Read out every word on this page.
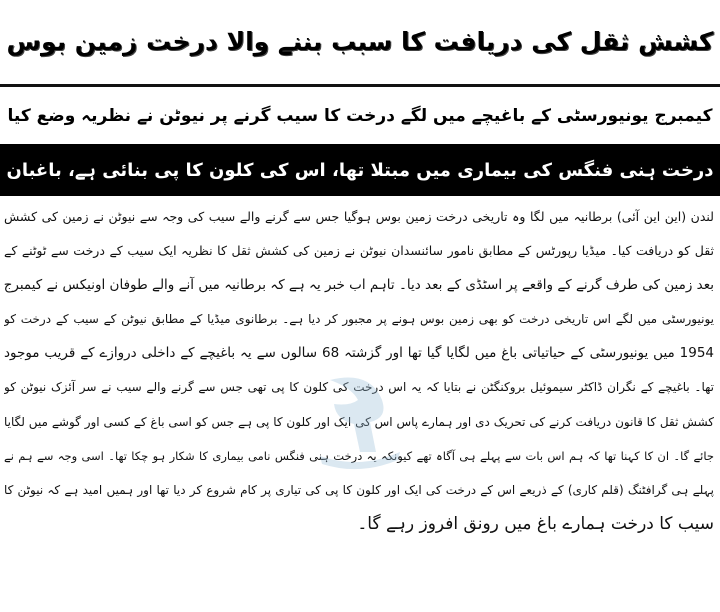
کشش ثقل کی دریافت کا سبب بننے والا درخت زمین بوس
کیمبرج یونیورسٹی کے باغیچے میں لگے درخت کا سیب گرنے پر نیوٹن نے نظریہ وضع کیا
درخت ہنی فنگس کی بیماری میں مبتلا تھا، اس کی کلون کا پی بنائی ہے، باغبان
لندن (این این آئی) برطانیہ میں لگا وہ تاریخی درخت زمین بوس ہوگیا جس سے گرنے والے سیب کی وجہ سے نیوٹن نے زمین کی کشش
ثقل کو دریافت کیا۔ میڈیا رپورٹس کے مطابق نامور سائنسدان نیوٹن نے زمین کی کشش ثقل کا نظریہ ایک سیب کے درخت سے ٹوٹنے کے
بعد زمین کی طرف گرنے کے واقعے پر اسٹڈی کے بعد دیا۔ تاہم اب خبر یہ ہے کہ برطانیہ میں آنے والے طوفان اونیکس نے کیمبرج
یونیورسٹی میں لگے اس تاریخی درخت کو بھی زمین بوس ہونے پر مجبور کر دیا ہے۔ برطانوی میڈیا کے مطابق نیوٹن کے سیب کے درخت کو
1954 میں یونیورسٹی کے حیاتیاتی باغ میں لگایا گیا تھا اور گزشتہ 68 سالوں سے یہ باغیچے کے داخلی دروازے کے قریب موجود
تھا۔ باغیچے کے نگران ڈاکٹر سیموئیل بروکنگٹن نے بتایا کہ یہ اس درخت کی کلون کا پی تھی جس سے گرنے والے سیب نے سر آئزک نیوٹن کو
کشش ثقل کا قانون دریافت کرنے کی تحریک دی اور ہمارے پاس اس کی ایک اور کلون کا پی ہے جس کو اسی باغ کے کسی اور گوشے میں لگایا
جائے گا۔ ان کا کہنا تھا کہ ہم اس بات سے پہلے ہی آگاہ تھے کیونکہ یہ درخت ہنی فنگس نامی بیماری کا شکار ہو چکا تھا۔ اسی وجہ سے ہم نے
پہلے ہی گرافٹنگ (قلم کاری) کے ذریعے اس کے درخت کی ایک اور کلون کا پی کی تیاری پر کام شروع کر دیا تھا اور ہمیں امید ہے کہ نیوٹن کا
سیب کا درخت ہمارے باغ میں رونق افروز رہے گا۔
